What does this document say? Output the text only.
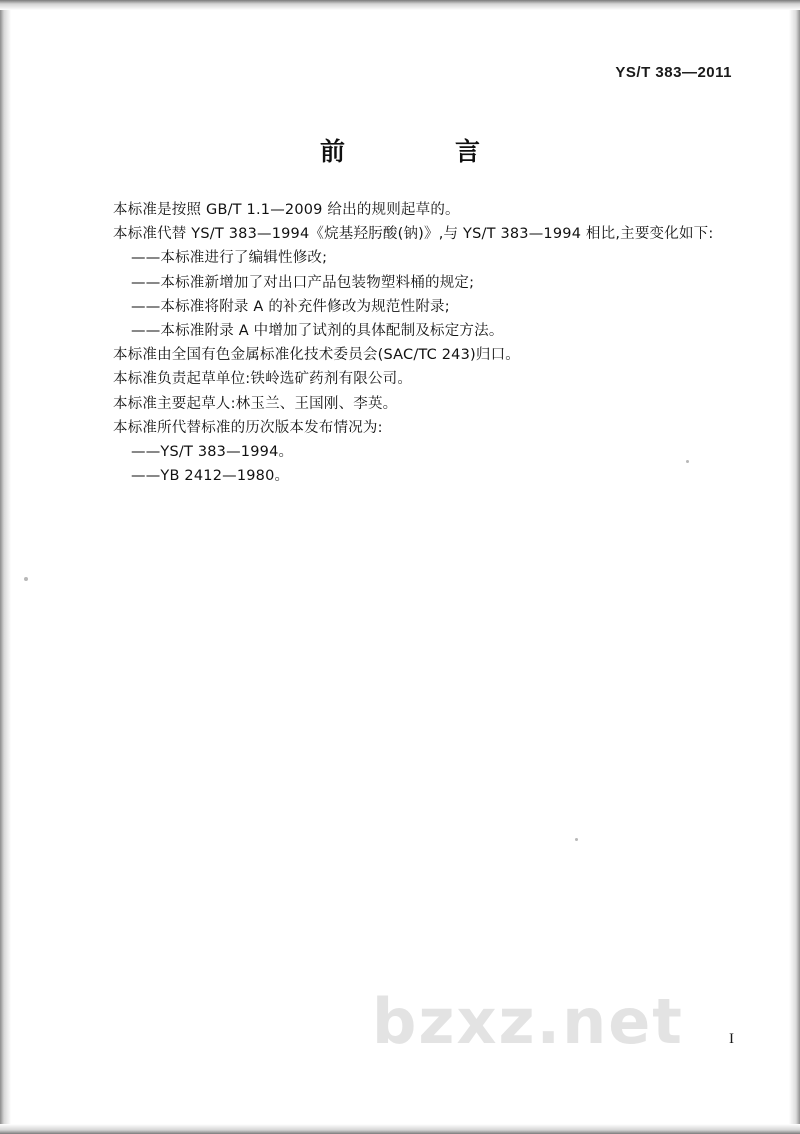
YS/T 383—2011
前　　言
本标准是按照 GB/T 1.1—2009 给出的规则起草的。
本标准代替 YS/T 383—1994《烷基羟肟酸(钠)》,与 YS/T 383—1994 相比,主要变化如下:
——本标准进行了编辑性修改;
——本标准新增加了对出口产品包装物塑料桶的规定;
——本标准将附录 A 的补充件修改为规范性附录;
——本标准附录 A 中增加了试剂的具体配制及标定方法。
本标准由全国有色金属标准化技术委员会(SAC/TC 243)归口。
本标准负责起草单位:铁岭选矿药剂有限公司。
本标准主要起草人:林玉兰、王国刚、李英。
本标准所代替标准的历次版本发布情况为:
——YS/T 383—1994。
——YB 2412—1980。
bzxz.net	I
